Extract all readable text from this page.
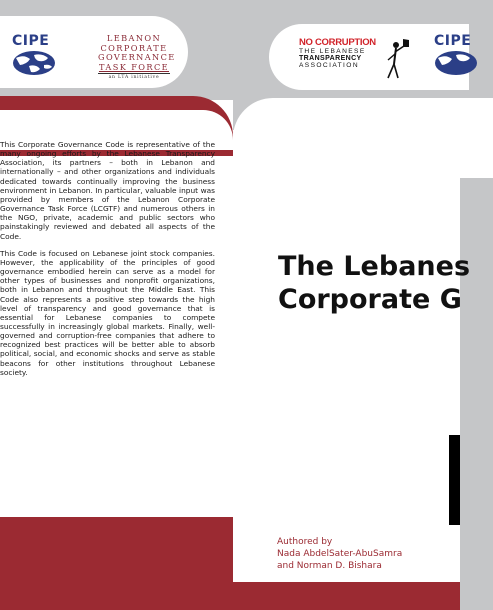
CIPE	LEBANON
CORPORATE
GOVERNANCE
TASK FORCE
an LTA initiative

This Corporate Governance Code is representative of the many ongoing efforts by the Lebanese Transparency Association, its partners – both in Lebanon and internationally – and other organizations and individuals dedicated towards continually improving the business environment in Lebanon. In particular, valuable input was provided by members of the Lebanon Corporate Governance Task Force (LCGTF) and numerous others in the NGO, private, academic and public sectors who painstakingly reviewed and debated all aspects of the Code.

This Code is focused on Lebanese joint stock companies. However, the applicability of the principles of good governance embodied herein can serve as a model for other types of businesses and nonprofit organizations, both in Lebanon and throughout the Middle East. This Code also represents a positive step towards the high level of transparency and good governance that is essential for Lebanese companies to compete successfully in increasingly global markets. Finally, well-governed and corruption-free companies that adhere to recognized best practices will be better able to absorb political, social, and economic shocks and serve as stable beacons for other institutions throughout Lebanese society.

NO CORRUPTION
THE LEBANESE
TRANSPARENCY
ASSOCIATION
CIPE
The Lebanes
Corporate G
Authored by
Nada AbdelSater-AbuSamra
and Norman D. Bishara
